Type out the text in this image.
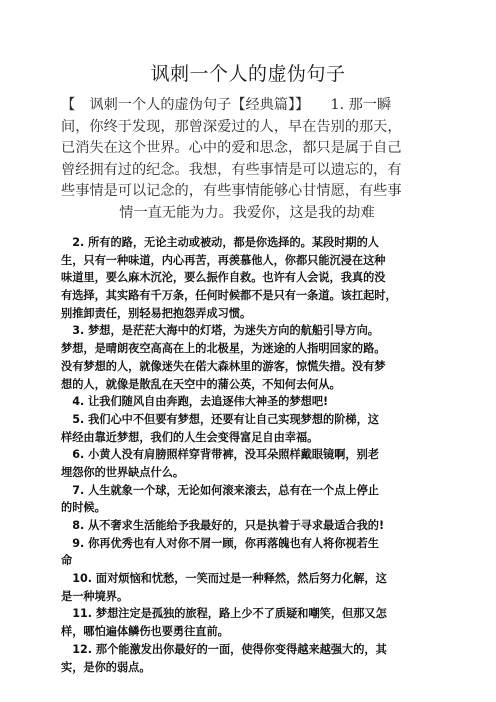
讽刺一个人的虚伪句子
【　讽刺一个人的虚伪句子【经典篇】】　　1. 那一瞬
间，你终于发现，那曾深爱过的人，早在告别的那天，
已消失在这个世界。心中的爱和思念，都只是属于自己
曾经拥有过的纪念。我想，有些事情是可以遗忘的，有
些事情是可以记念的，有些事情能够心甘情愿，有些事
情一直无能为力。我爱你，这是我的劫难
　2. 所有的路，无论主动或被动，都是你选择的。某段时期的人
生，只有一种味道，内心再苦，再羡慕他人，你都只能沉浸在这种
味道里，要么麻木沉沦，要么振作自救。也许有人会说，我真的没
有选择，其实路有千万条，任何时候都不是只有一条道。该扛起时，
别推卸责任，别轻易把抱怨弄成习惯。
　3. 梦想，是茫茫大海中的灯塔，为迷失方向的航船引导方向。
梦想，是晴朗夜空高高在上的北极星，为迷途的人指明回家的路。
没有梦想的人，就像迷失在偌大森林里的游客，惊慌失措。没有梦
想的人，就像是散乱在天空中的蒲公英，不知何去何从。
　4. 让我们随风自由奔跑，去追逐伟大神圣的梦想吧!
　5. 我们心中不但要有梦想，还要有让自己实现梦想的阶梯，这
样经由靠近梦想，我们的人生会变得富足自由幸福。
　6. 小黄人没有肩膀照样穿背带裤，没耳朵照样戴眼镜啊，别老
埋怨你的世界缺点什么。
　7. 人生就象一个球，无论如何滚来滚去，总有在一个点上停止
的时候。
　8. 从不奢求生活能给予我最好的，只是执着于寻求最适合我的!
　9. 你再优秀也有人对你不屑一顾，你再落魄也有人将你视若生
命
　10. 面对烦恼和忧愁，一笑而过是一种释然，然后努力化解，这
是一种境界。
　11. 梦想注定是孤独的旅程，路上少不了质疑和嘲笑，但那又怎
样，哪怕遍体鳞伤也要勇往直前。
　12. 那个能激发出你最好的一面，使得你变得越来越强大的，其
实，是你的弱点。
